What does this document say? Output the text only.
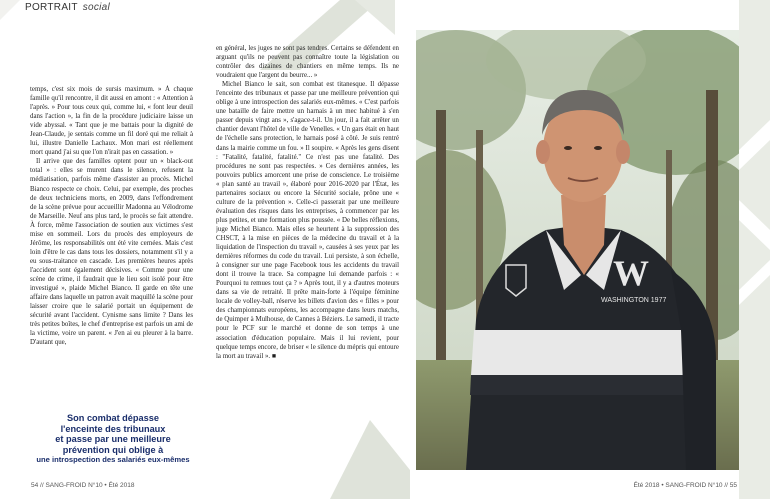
PORTRAIT social

temps, c'est six mois de sursis maximum. » À chaque famille qu'il rencontre, il dit aussi en amont : « Attention à l'après. » Pour tous ceux qui, comme lui, « font leur deuil dans l'action », la fin de la procédure judiciaire laisse un vide abyssal. « Tant que je me battais pour la dignité de Jean-Claude, je sentais comme un fil doré qui me reliait à lui, illustre Danielle Lachaux. Mon mari est réellement mort quand j'ai su que l'on n'irait pas en cassation. »

Il arrive que des familles optent pour un « black-out total » : elles se murent dans le silence, refusent la médiatisation, parfois même d'assister au procès. Michel Bianco respecte ce choix. Celui, par exemple, des proches de deux techniciens morts, en 2009, dans l'effondrement de la scène prévue pour accueillir Madonna au Vélodrome de Marseille. Neuf ans plus tard, le procès se fait attendre. À force, même l'association de soutien aux victimes s'est mise en sommeil. Lors du procès des employeurs de Jérôme, les responsabilités ont été vite cernées. Mais c'est loin d'être le cas dans tous les dossiers, notamment s'il y a eu sous-traitance en cascade. Les premières heures après l'accident sont également décisives. « Comme pour une scène de crime, il faudrait que le lieu soit isolé pour être investigué », plaide Michel Bianco. Il garde en tête une affaire dans laquelle un patron avait maquillé la scène pour laisser croire que le salarié portait un équipement de sécurité avant l'accident. Cynisme sans limite ? Dans les très petites boîtes, le chef d'entreprise est parfois un ami de la victime, voire un parent. « J'en ai eu pleurer à la barre. D'autant que,

Son combat dépasse
l'enceinte des tribunaux
et passe par une meilleure
prévention qui oblige à
une introspection des salariés eux-mêmes

en général, les juges ne sont pas tendres. Certains se défendent en arguant qu'ils ne peuvent pas connaître toute la législation ou contrôler des dizaines de chantiers en même temps. Ils ne voudraient que l'argent du beurre... »

Michel Bianco le sait, son combat est titanesque. Il dépasse l'enceinte des tribunaux et passe par une meilleure prévention qui oblige à une introspection des salariés eux-mêmes. « C'est parfois une bataille de faire mettre un harnais à un mec habitué à s'en passer depuis vingt ans », s'agace-t-il. Un jour, il a fait arrêter un chantier devant l'hôtel de ville de Venelles. « Un gars était en haut de l'échelle sans protection, le harnais posé à côté. Je suis rentré dans la mairie comme un fou. » Il soupire. « Après les gens disent : "Fatalité, fatalité, fatalité." Ce n'est pas une fatalité. Des procédures ne sont pas respectées. » Ces dernières années, les pouvoirs publics amorcent une prise de conscience. Le troisième « plan santé au travail », élaboré pour 2016-2020 par l'État, les partenaires sociaux ou encore la Sécurité sociale, prône une « culture de la prévention ». Celle-ci passerait par une meilleure évaluation des risques dans les entreprises, à commencer par les plus petites, et une formation plus poussée. « De belles réflexions, juge Michel Bianco. Mais elles se heurtent à la suppression des CHSCT, à la mise en pièces de la médecine du travail et à la liquidation de l'inspection du travail », causées à ses yeux par les dernières réformes du code du travail. Lui persiste, à son échelle, à consigner sur une page Facebook tous les accidents du travail dont il trouve la trace. Sa compagne lui demande parfois : « Pourquoi tu remues tout ça ? » Après tout, il y a d'autres moteurs dans sa vie de retraité. Il prête main-forte à l'équipe féminine locale de volley-ball, réserve les billets d'avion des « filles » pour des championnats européens, les accompagne dans leurs matchs, de Quimper à Mulhouse, de Cannes à Béziers. Le samedi, il tracte pour le PCF sur le marché et donne de son temps à une association d'éducation populaire. Mais il lui revient, pour quelque temps encore, de briser « le silence du mépris qui entoure la mort au travail ». ■

W
WASHINGTON 1977
54 // SANG-FROID N°10 • Été 2018	Été 2018 • SANG-FROID N°10 // 55
